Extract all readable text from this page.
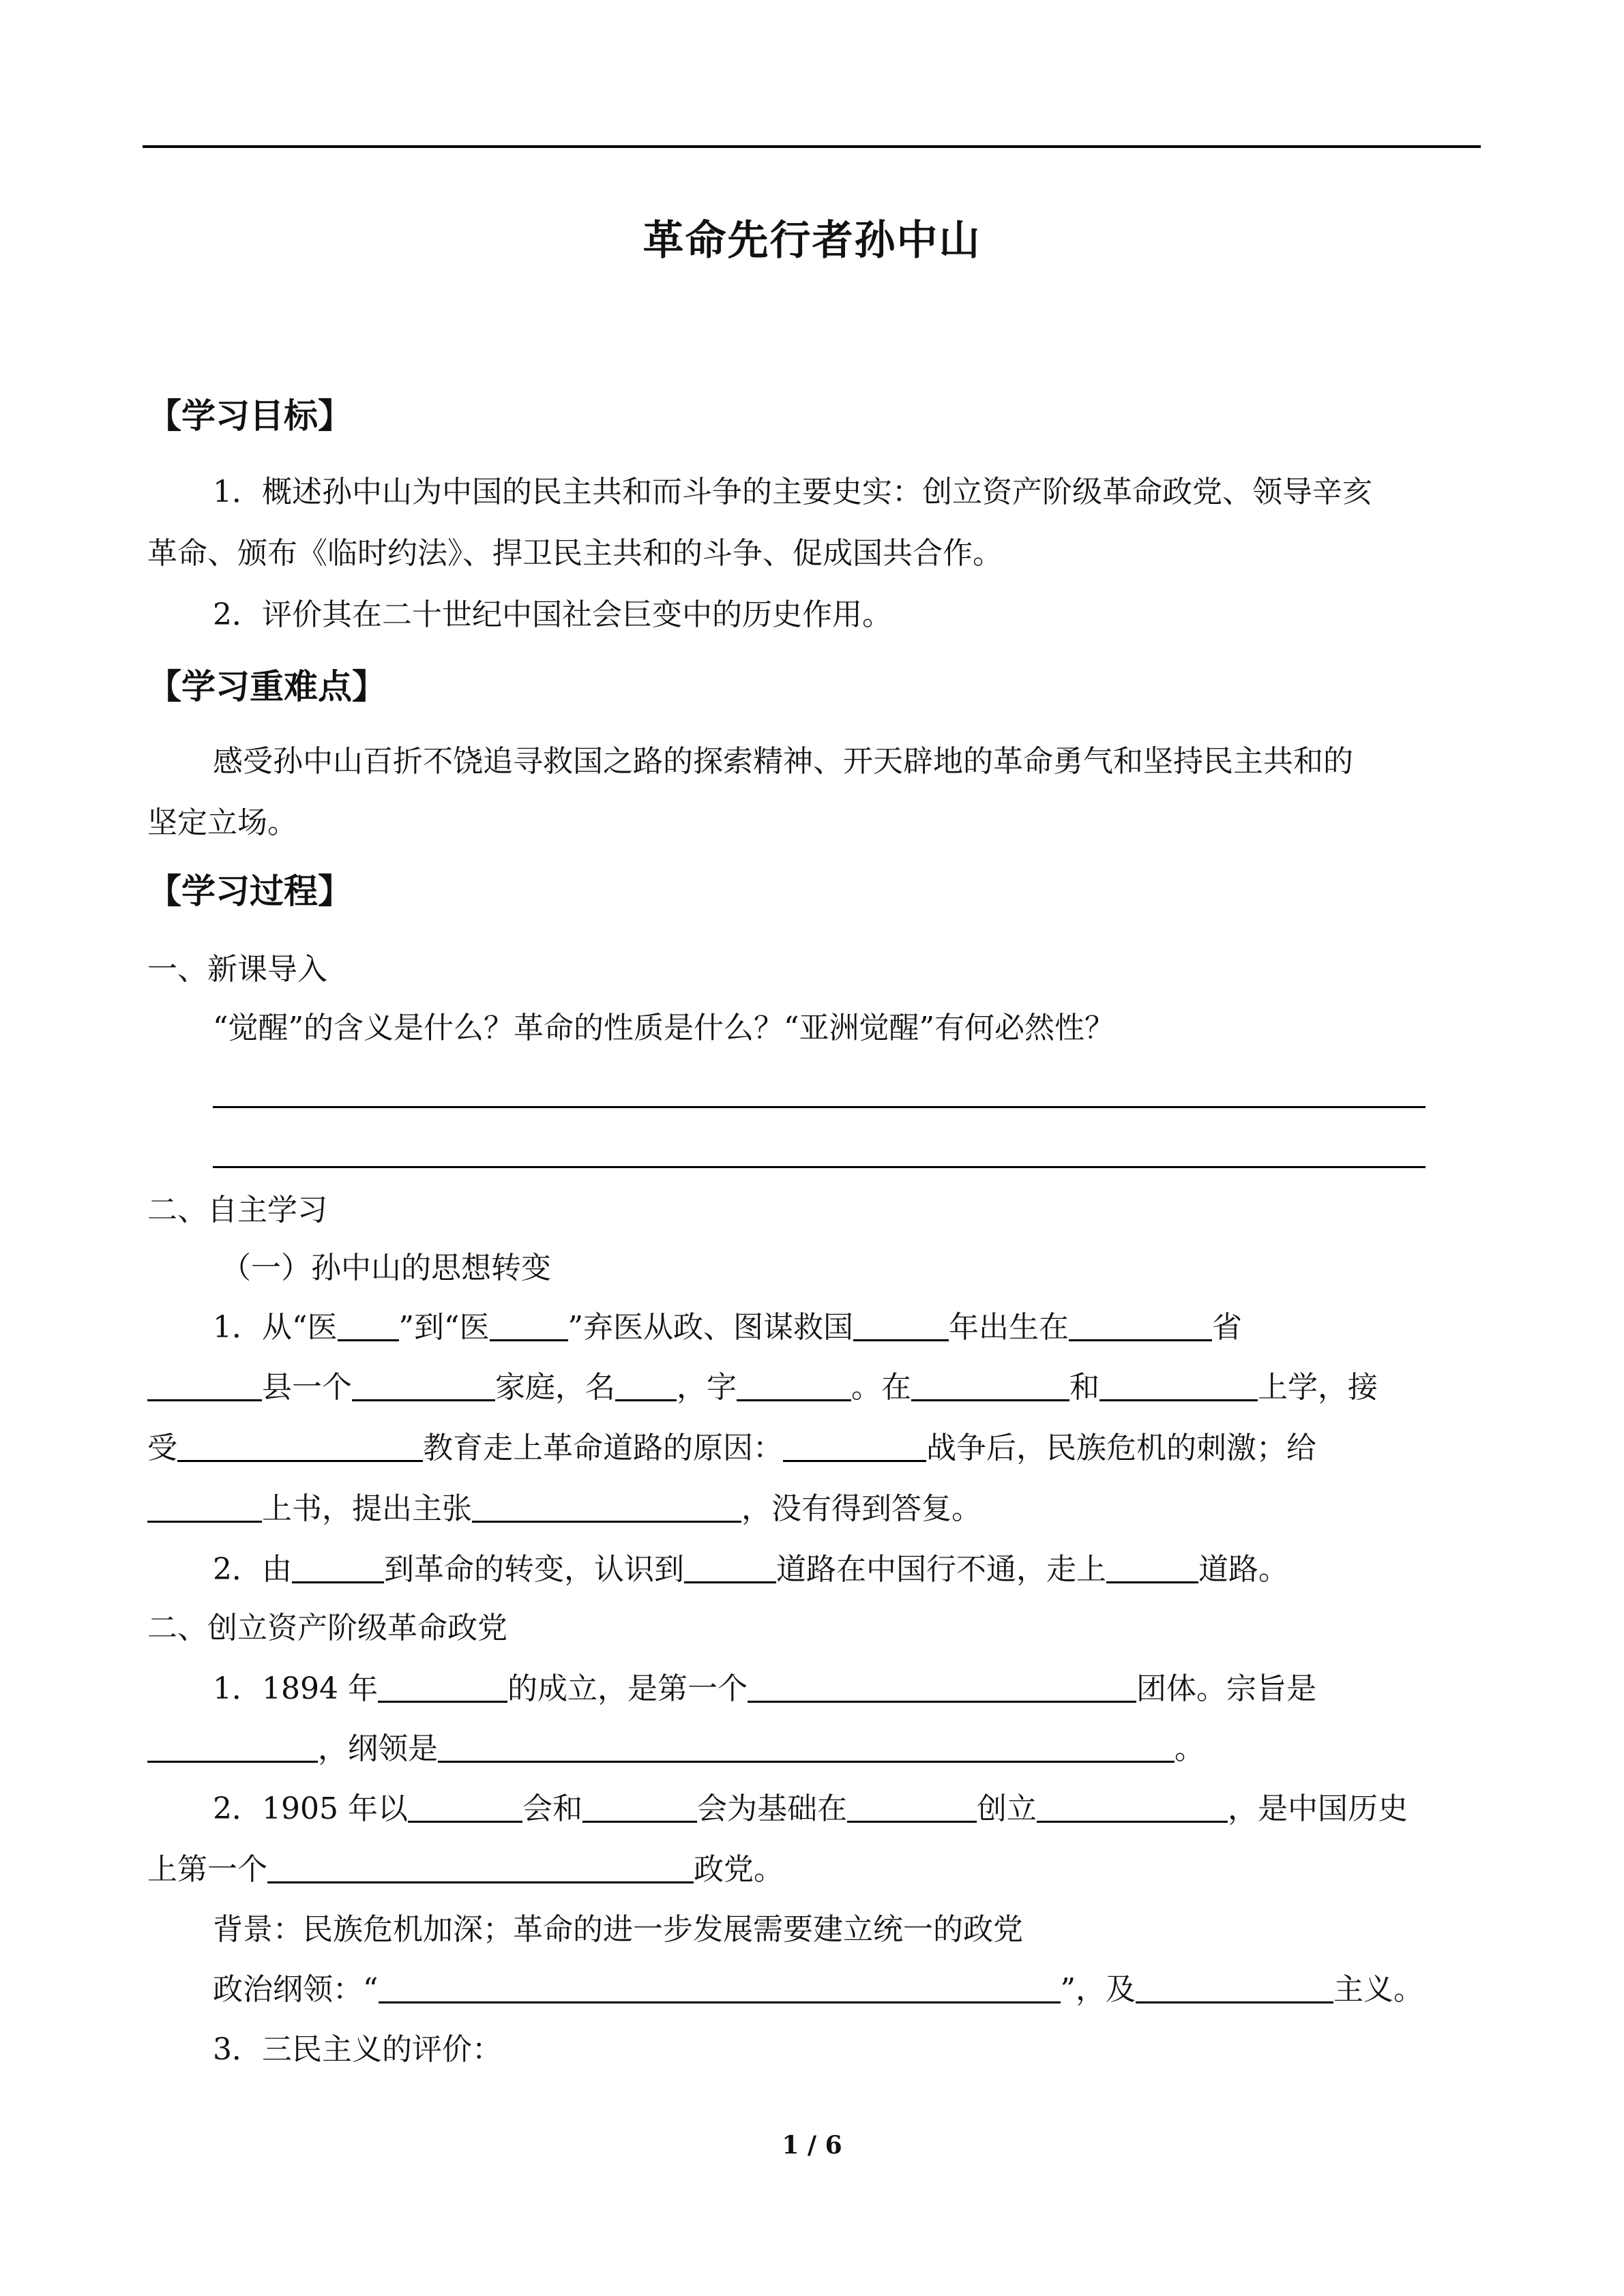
革命先行者孙中山
【学习目标】
1．概述孙中山为中国的民主共和而斗争的主要史实：创立资产阶级革命政党、领导辛亥
革命、颁布《临时约法》、捍卫民主共和的斗争、促成国共合作。
2．评价其在二十世纪中国社会巨变中的历史作用。
【学习重难点】
感受孙中山百折不饶追寻救国之路的探索精神、开天辟地的革命勇气和坚持民主共和的
坚定立场。
【学习过程】
一、新课导入
“觉醒”的含义是什么？革命的性质是什么？“亚洲觉醒”有何必然性？
二、自主学习
（一）孙中山的思想转变
1．从“医 ”到“医	”弃医从政、图谋救国	年出生在	省
县一个	家庭，名 ，字	。在	和	上学，接
受	教育走上革命道路的原因：	战争后，民族危机的刺激；给
上书，提出主张	，没有得到答复。
2．由	到革命的转变，认识到	道路在中国行不通，走上	道路。
二、创立资产阶级革命政党
1．1894 年	的成立，是第一个	团体。宗旨是
，纲领是	。
2．1905 年以	会和	会为基础在	创立	，是中国历史
上第一个	政党。
背景：民族危机加深；革命的进一步发展需要建立统一的政党
政治纲领：“	”，及	主义。
3．三民主义的评价：
1 / 6
